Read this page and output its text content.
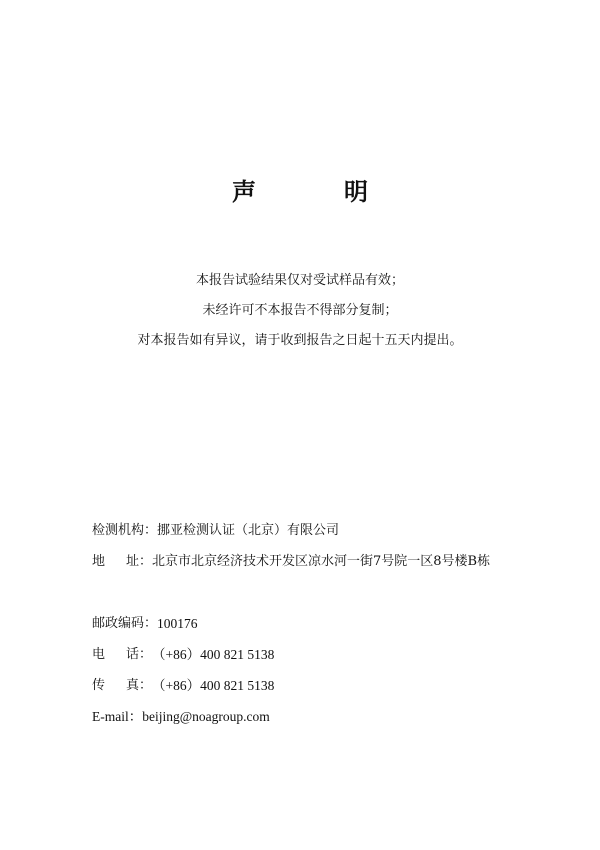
声　明
本报告试验结果仅对受试样品有效；
未经许可不本报告不得部分复制；
对本报告如有异议，请于收到报告之日起十五天内提出。
检测机构：挪亚检测认证（北京）有限公司
地 址： 北京市北京经济技术开发区凉水河一街7号院一区8号楼B栋
邮政编码：100176
电 话： （+86）400 821 5138
传 真： （+86）400 821 5138
E-mail：beijing@noagroup.com
